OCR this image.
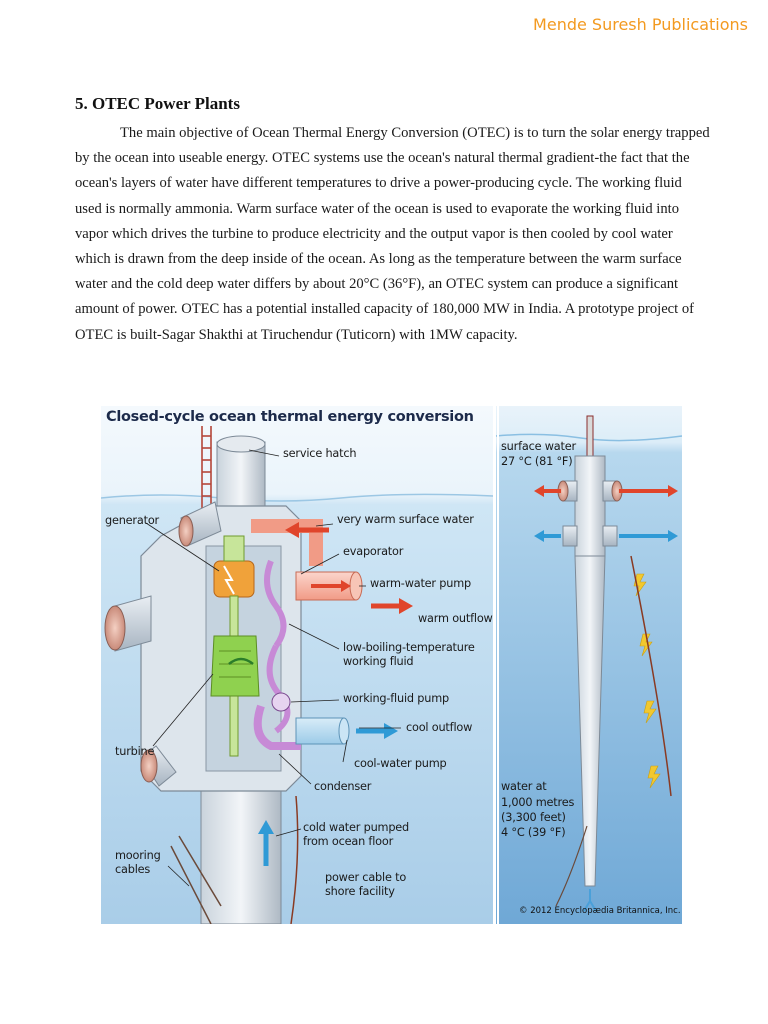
Mende Suresh Publications
5. OTEC Power Plants

The main objective of Ocean Thermal Energy Conversion (OTEC) is to turn the solar energy trapped by the ocean into useable energy. OTEC systems use the ocean's natural thermal gradient-the fact that the ocean's layers of water have different temperatures to drive a power-producing cycle. The working fluid used is normally ammonia. Warm surface water of the ocean is used to evaporate the working fluid into vapor which drives the turbine to produce electricity and the output vapor is then cooled by cool water which is drawn from the deep inside of the ocean. As long as the temperature between the warm surface water and the cold deep water differs by about 20°C (36°F), an OTEC system can produce a significant amount of power. OTEC has a potential installed capacity of 180,000 MW in India. A prototype project of OTEC is built-Sagar Shakthi at Tiruchendur (Tuticorn) with 1MW capacity.

Closed-cycle ocean thermal energy conversion
service hatch
generator	very warm surface water
evaporator
warm-water pump
warm outflow
low-boiling-temperature working fluid
working-fluid pump
cool outflow
turbine
cool-water pump
condenser
cold water pumped from ocean floor
mooring cables
power cable to shore facility
surface water
27 °C (81 °F)
water at
1,000 metres
(3,300 feet)
4 °C (39 °F)
© 2012 Encyclopædia Britannica, Inc.
